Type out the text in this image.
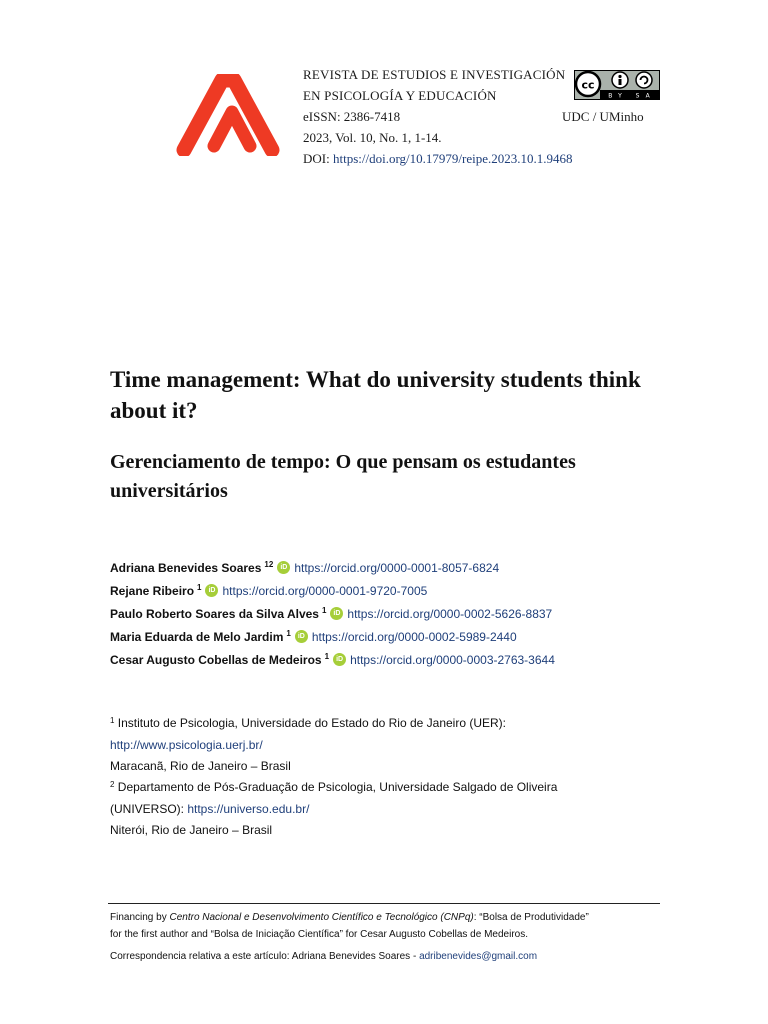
REVISTA DE ESTUDIOS E INVESTIGACIÓN
EN PSICOLOGÍA Y EDUCACIÓN
eISSN: 2386-7418
2023, Vol. 10, No. 1, 1-14.
DOI: https://doi.org/10.17979/reipe.2023.10.1.9468
cc
BY SA
UDC / UMinho
Time management: What do university students think about it?
Gerenciamento de tempo: O que pensam os estudantes universitários
Adriana Benevides Soares 12	iD https://orcid.org/0000-0001-8057-6824
Rejane Ribeiro 1	iD https://orcid.org/0000-0001-9720-7005
Paulo Roberto Soares da Silva Alves 1	iD https://orcid.org/0000-0002-5626-8837
Maria Eduarda de Melo Jardim 1	iD https://orcid.org/0000-0002-5989-2440
Cesar Augusto Cobellas de Medeiros 1	iD https://orcid.org/0000-0003-2763-3644
$^1$ Instituto de Psicologia, Universidade do Estado do Rio de Janeiro (UER):
http://www.psicologia.uerj.br/
Maracanã, Rio de Janeiro – Brasil
$^2$ Departamento de Pós-Graduação de Psicologia, Universidade Salgado de Oliveira
(UNIVERSO): https://universo.edu.br/
Niterói, Rio de Janeiro – Brasil
Financing by Centro Nacional e Desenvolvimento Científico e Tecnológico (CNPq): “Bolsa de Produtividade”
for the first author and “Bolsa de Iniciação Científica” for Cesar Augusto Cobellas de Medeiros.
Correspondencia relativa a este artículo: Adriana Benevides Soares - adribenevides@gmail.com
